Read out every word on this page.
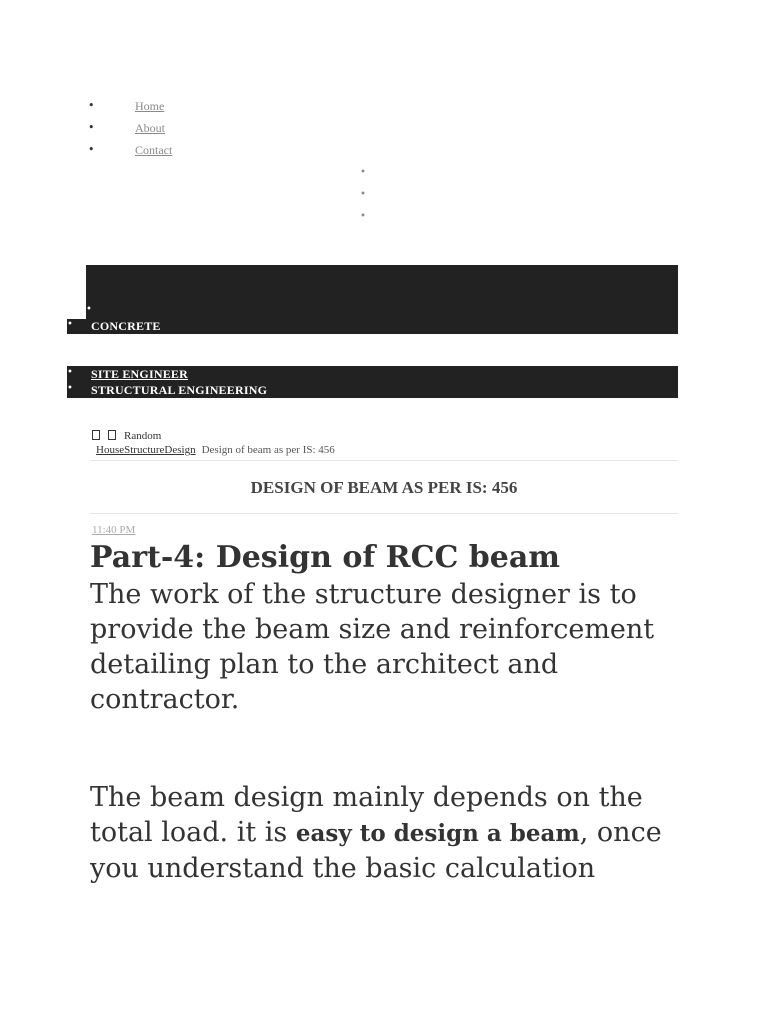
•	Home
•	About
•	Contact
•
•
•
•
• CONCRETE
• SITE ENGINEER
• STRUCTURAL ENGINEERING
Random
HouseStructureDesign Design of beam as per IS: 456
DESIGN OF BEAM AS PER IS: 456
11:40 PM
Part-4: Design of RCC beam

The work of the structure designer is to provide the beam size and reinforcement detailing plan to the architect and contractor.

The beam design mainly depends on the total load. it is easy to design a beam, once you understand the basic calculation
